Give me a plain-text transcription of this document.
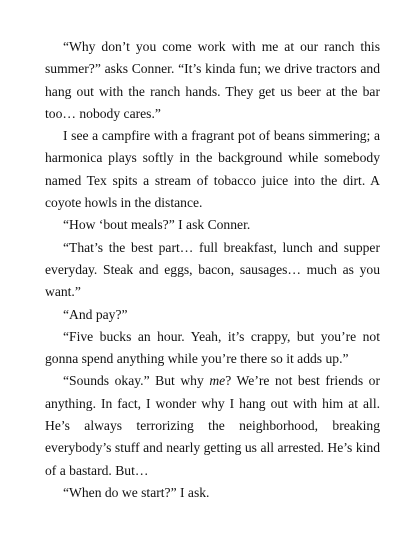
“Why don’t you come work with me at our ranch this summer?” asks Conner. “It’s kinda fun; we drive tractors and hang out with the ranch hands. They get us beer at the bar too… nobody cares.”

I see a campfire with a fragrant pot of beans simmering; a harmonica plays softly in the background while somebody named Tex spits a stream of tobacco juice into the dirt. A coyote howls in the distance.

“How ‘bout meals?” I ask Conner.

“That’s the best part… full breakfast, lunch and supper everyday. Steak and eggs, bacon, sausages… much as you want.”

“And pay?”

“Five bucks an hour. Yeah, it’s crappy, but you’re not gonna spend anything while you’re there so it adds up.”

“Sounds okay.” But why me? We’re not best friends or anything. In fact, I wonder why I hang out with him at all. He’s always terrorizing the neighborhood, breaking everybody’s stuff and nearly getting us all arrested. He’s kind of a bastard. But…

“When do we start?” I ask.
